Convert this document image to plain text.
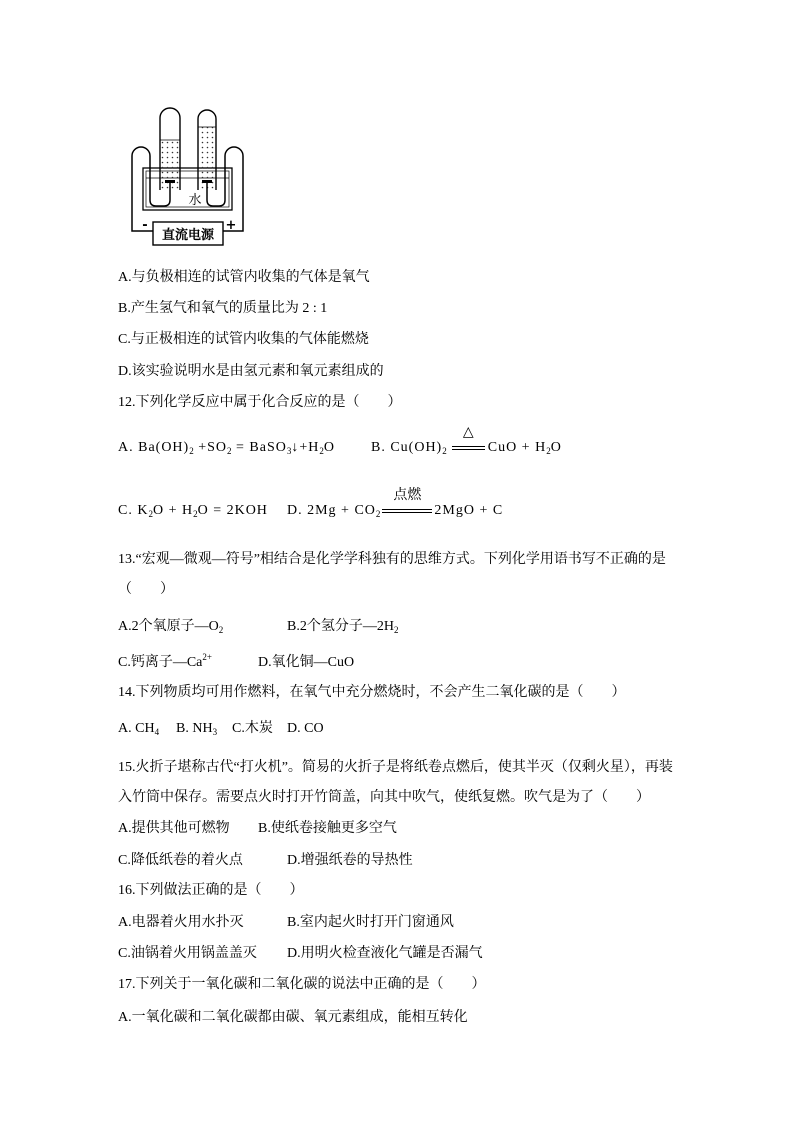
水
直流电源
-	+
A.与负极相连的试管内收集的气体是氧气
B.产生氢气和氧气的质量比为 2 : 1
C.与正极相连的试管内收集的气体能燃烧
D.该实验说明水是由氢元素和氧元素组成的
12.下列化学反应中属于化合反应的是（　　）
A. $Ba(OH)_2 +SO_2$ = $BaSO_3↓+H_2O$	B. $Cu(OH)_2$
△
CuO + $H_2O$
C. $K_2O + H_2O = 2KOH$ D. $2Mg + CO_2$
点燃
2MgO + C
13.“宏观—微观—符号”相结合是化学学科独有的思维方式。下列化学用语书写不正确的是
（　　）
A.2个氧原子$—O_2$	B.2个氢分子$—2H_2$
C.钙离子$—Ca^{2+}$	D.氧化铜—CuO
14.下列物质均可用作燃料，在氧气中充分燃烧时，不会产生二氧化碳的是（　　）
A. $CH_4$ B. $NH_3$ C.木炭 D. CO
15.火折子堪称古代“打火机”。简易的火折子是将纸卷点燃后，使其半灭（仅剩火星），再装
入竹筒中保存。需要点火时打开竹筒盖，向其中吹气，使纸复燃。吹气是为了（　　）
A.提供其他可燃物 B.使纸卷接触更多空气
C.降低纸卷的着火点	D.增强纸卷的导热性
16.下列做法正确的是（　　）
A.电器着火用水扑灭	B.室内起火时打开门窗通风
C.油锅着火用锅盖盖灭 D.用明火检查液化气罐是否漏气
17.下列关于一氧化碳和二氧化碳的说法中正确的是（　　）
A.一氧化碳和二氧化碳都由碳、氧元素组成，能相互转化
